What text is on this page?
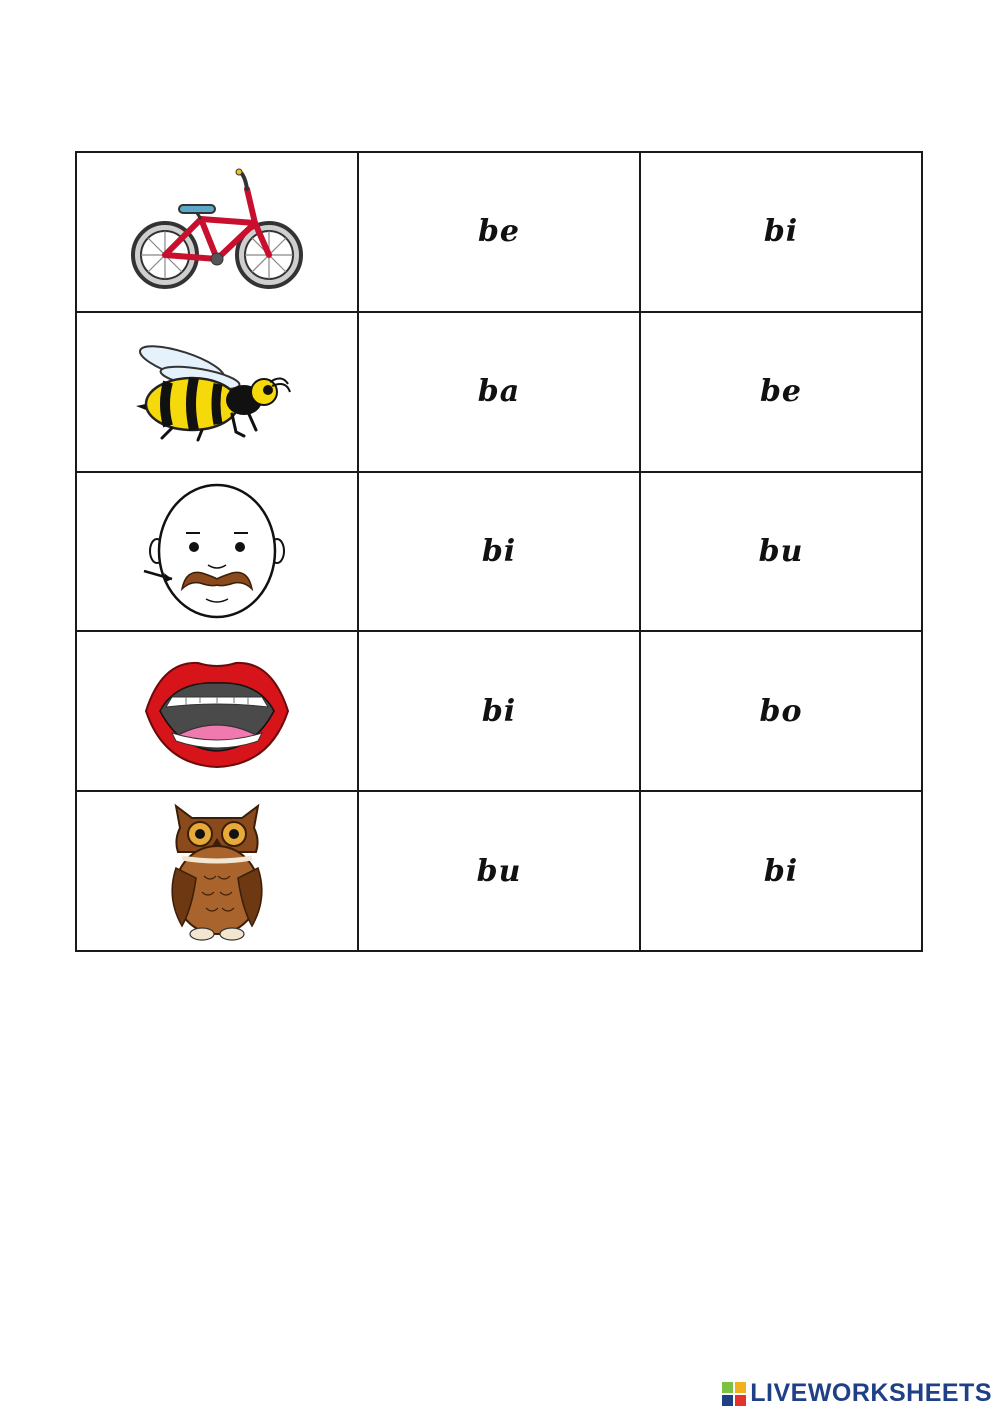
	be	bi

	ba	be

	bi	bu

	bi	bo

	bu	bi
LIVEWORKSHEETS
